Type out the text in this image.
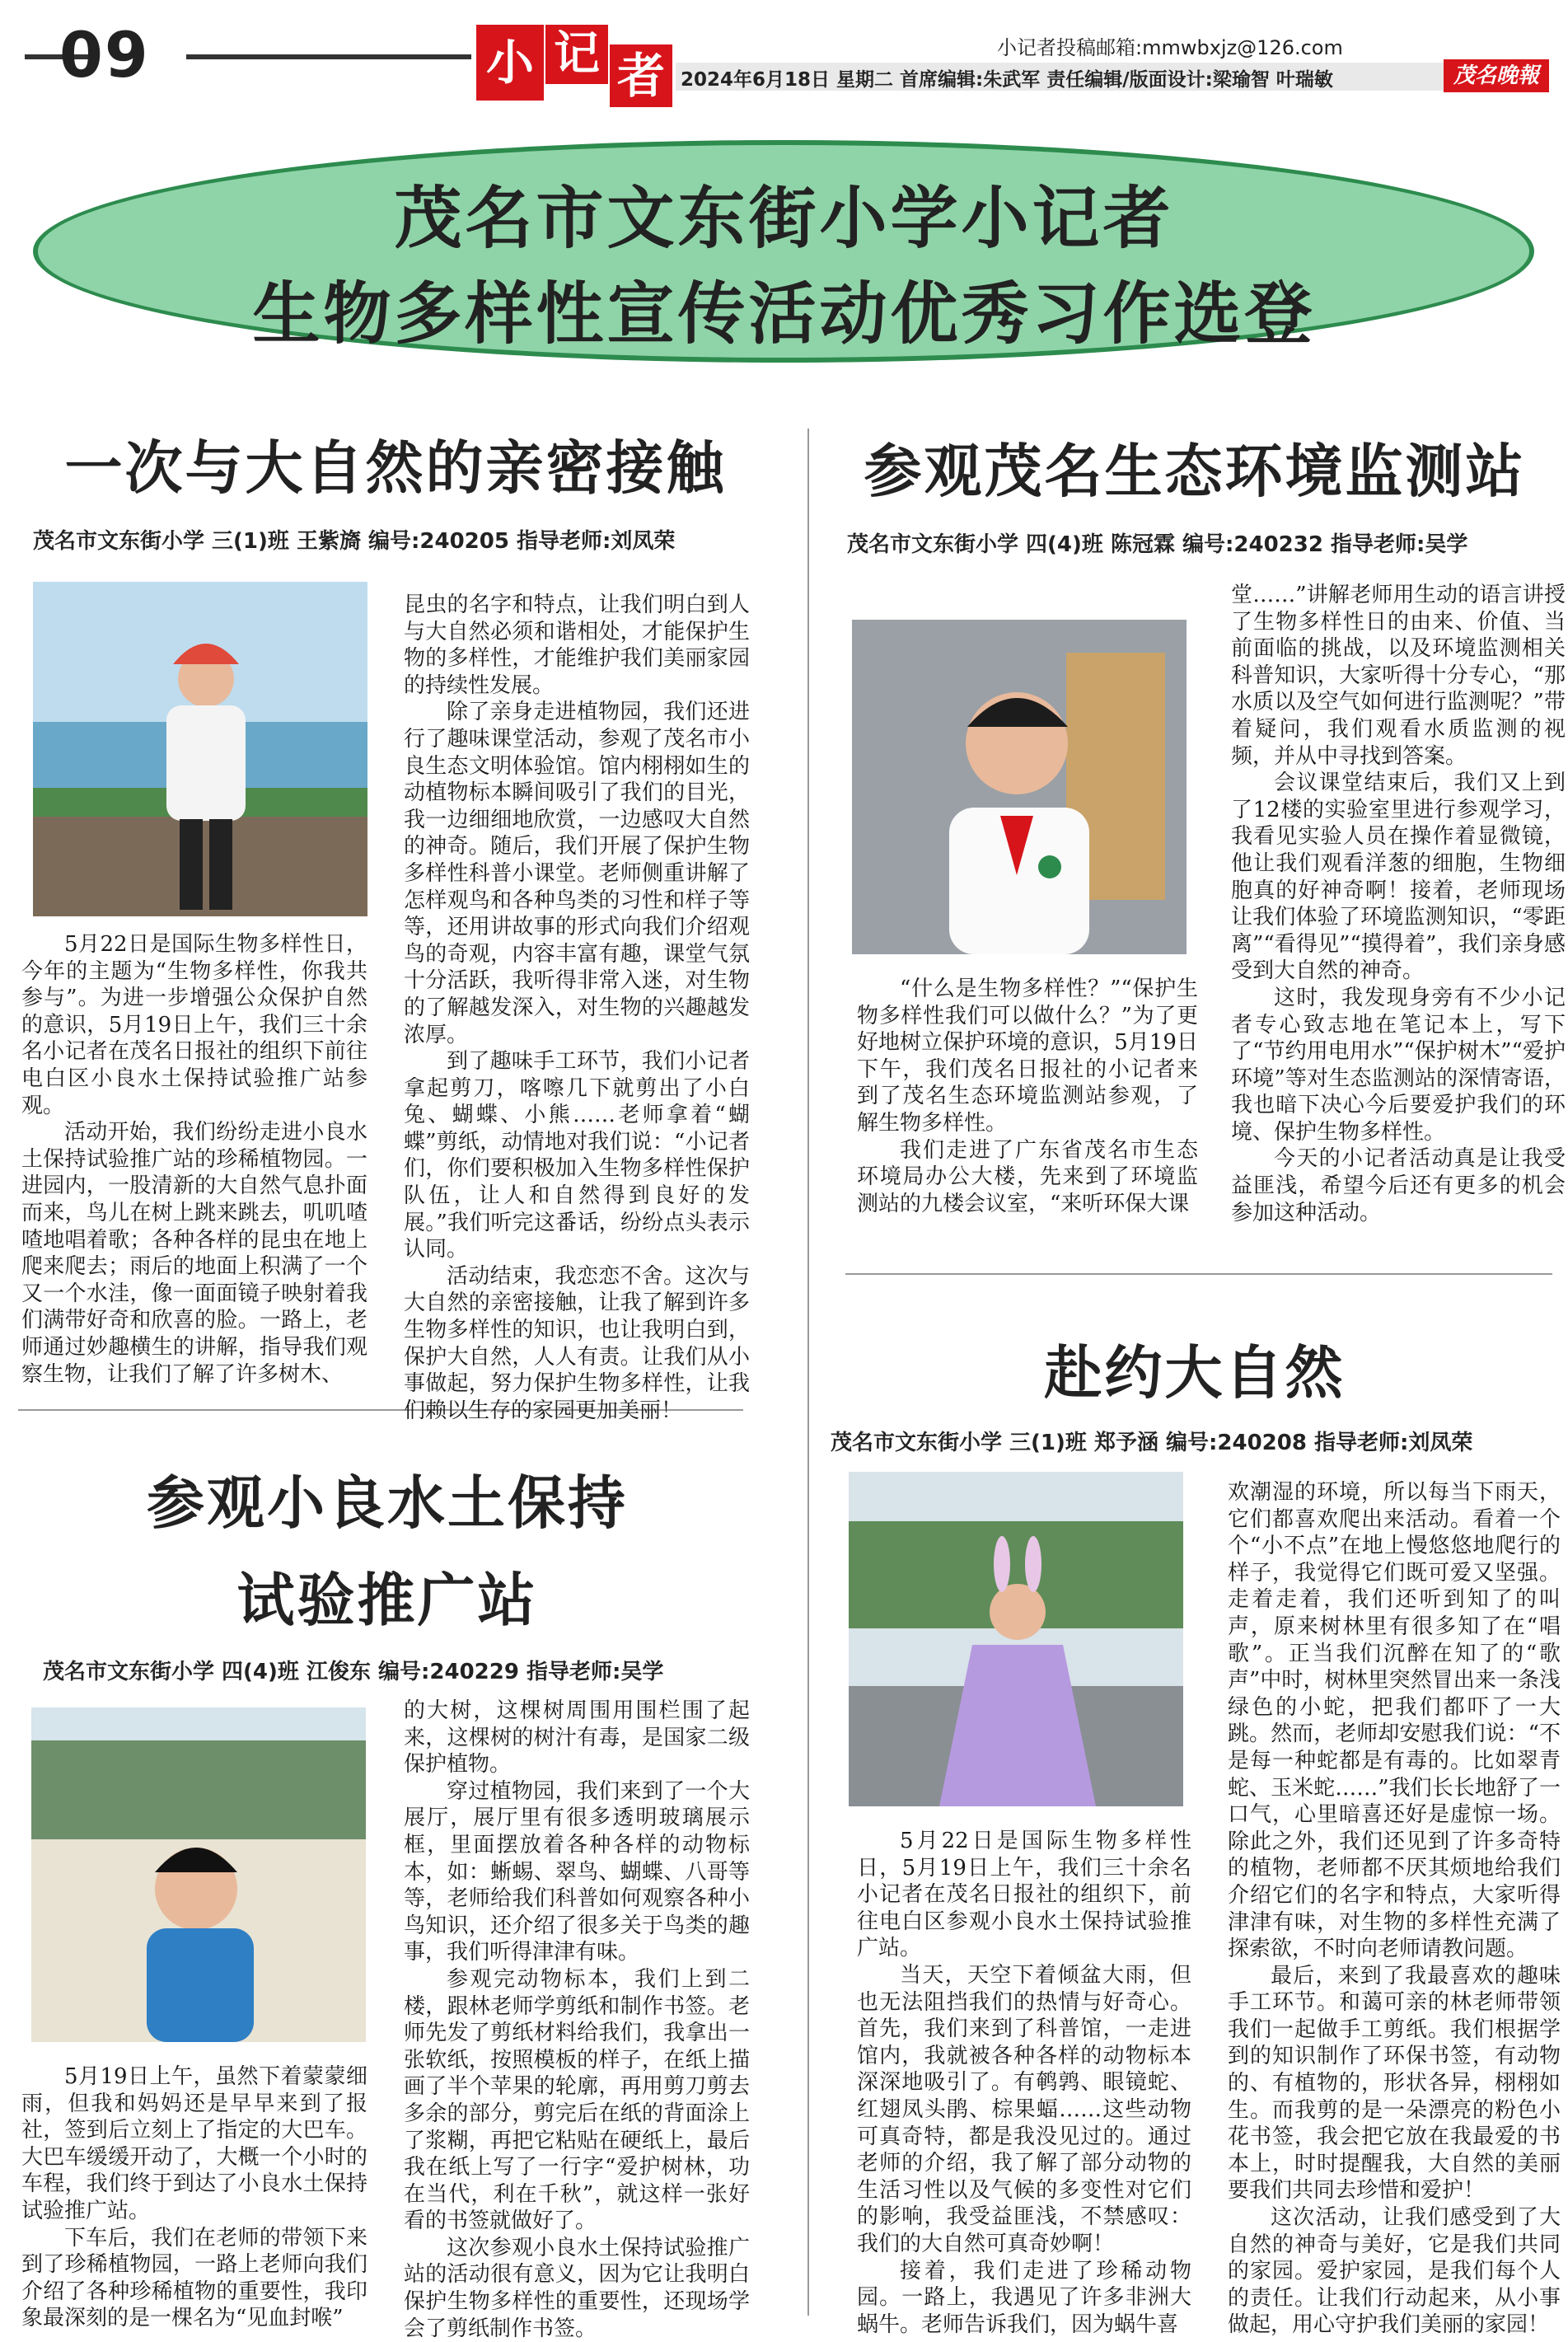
09	小 记 者	小记者投稿邮箱:mmwbxjz@126.com
2024年6月18日 星期二 首席编辑:朱武军 责任编辑/版面设计:梁瑜智 叶瑞敏	茂名晚報
茂名市文东街小学小记者
生物多样性宣传活动优秀习作选登
一次与大自然的亲密接触
茂名市文东街小学 三(1)班 王紫旖 编号:240205 指导老师:刘凤荣

5月22日是国际生物多样性日，今年的主题为“生物多样性，你我共参与”。为进一步增强公众保护自然的意识，5月19日上午，我们三十余名小记者在茂名日报社的组织下前往电白区小良水土保持试验推广站参观。

活动开始，我们纷纷走进小良水土保持试验推广站的珍稀植物园。一进园内，一股清新的大自然气息扑面而来，鸟儿在树上跳来跳去，叽叽喳喳地唱着歌；各种各样的昆虫在地上爬来爬去；雨后的地面上积满了一个又一个水洼，像一面面镜子映射着我们满带好奇和欣喜的脸。一路上，老师通过妙趣横生的讲解，指导我们观察生物，让我们了解了许多树木、

昆虫的名字和特点，让我们明白到人与大自然必须和谐相处，才能保护生物的多样性，才能维护我们美丽家园的持续性发展。

除了亲身走进植物园，我们还进行了趣味课堂活动，参观了茂名市小良生态文明体验馆。馆内栩栩如生的动植物标本瞬间吸引了我们的目光，我一边细细地欣赏，一边感叹大自然的神奇。随后，我们开展了保护生物多样性科普小课堂。老师侧重讲解了怎样观鸟和各种鸟类的习性和样子等等，还用讲故事的形式向我们介绍观鸟的奇观，内容丰富有趣，课堂气氛十分活跃，我听得非常入迷，对生物的了解越发深入，对生物的兴趣越发浓厚。

到了趣味手工环节，我们小记者拿起剪刀，喀嚓几下就剪出了小白兔、蝴蝶、小熊……老师拿着“蝴蝶”剪纸，动情地对我们说：“小记者们，你们要积极加入生物多样性保护队伍，让人和自然得到良好的发展。”我们听完这番话，纷纷点头表示认同。

活动结束，我恋恋不舍。这次与大自然的亲密接触，让我了解到许多生物多样性的知识，也让我明白到，保护大自然，人人有责。让我们从小事做起，努力保护生物多样性，让我们赖以生存的家园更加美丽！

参观茂名生态环境监测站
茂名市文东街小学 四(4)班 陈冠霖 编号:240232 指导老师:吴学

“什么是生物多样性？”“保护生物多样性我们可以做什么？”为了更好地树立保护环境的意识，5月19日下午，我们茂名日报社的小记者来到了茂名生态环境监测站参观，了解生物多样性。

我们走进了广东省茂名市生态环境局办公大楼，先来到了环境监测站的九楼会议室，“来听环保大课

堂……”讲解老师用生动的语言讲授了生物多样性日的由来、价值、当前面临的挑战，以及环境监测相关科普知识，大家听得十分专心，“那水质以及空气如何进行监测呢？”带着疑问，我们观看水质监测的视频，并从中寻找到答案。

会议课堂结束后，我们又上到了12楼的实验室里进行参观学习，我看见实验人员在操作着显微镜，他让我们观看洋葱的细胞，生物细胞真的好神奇啊！接着，老师现场让我们体验了环境监测知识，“零距离”“看得见”“摸得着”，我们亲身感受到大自然的神奇。

这时，我发现身旁有不少小记者专心致志地在笔记本上，写下了“节约用电用水”“保护树木”“爱护环境”等对生态监测站的深情寄语，我也暗下决心今后要爱护我们的环境、保护生物多样性。

今天的小记者活动真是让我受益匪浅，希望今后还有更多的机会参加这种活动。

参观小良水土保持
试验推广站
茂名市文东街小学 四(4)班 江俊东 编号:240229 指导老师:吴学

5月19日上午，虽然下着蒙蒙细雨，但我和妈妈还是早早来到了报社，签到后立刻上了指定的大巴车。大巴车缓缓开动了，大概一个小时的车程，我们终于到达了小良水土保持试验推广站。

下车后，我们在老师的带领下来到了珍稀植物园，一路上老师向我们介绍了各种珍稀植物的重要性，我印象最深刻的是一棵名为“见血封喉”

的大树，这棵树周围用围栏围了起来，这棵树的树汁有毒，是国家二级保护植物。

穿过植物园，我们来到了一个大展厅，展厅里有很多透明玻璃展示框，里面摆放着各种各样的动物标本，如：蜥蜴、翠鸟、蝴蝶、八哥等等，老师给我们科普如何观察各种小鸟知识，还介绍了很多关于鸟类的趣事，我们听得津津有味。

参观完动物标本，我们上到二楼，跟林老师学剪纸和制作书签。老师先发了剪纸材料给我们，我拿出一张软纸，按照模板的样子，在纸上描画了半个苹果的轮廓，再用剪刀剪去多余的部分，剪完后在纸的背面涂上了浆糊，再把它粘贴在硬纸上，最后我在纸上写了一行字“爱护树林，功在当代，利在千秋”，就这样一张好看的书签就做好了。

这次参观小良水土保持试验推广站的活动很有意义，因为它让我明白保护生物多样性的重要性，还现场学会了剪纸制作书签。

赴约大自然
茂名市文东街小学 三(1)班 郑予涵 编号:240208 指导老师:刘凤荣

5月22日是国际生物多样性日，5月19日上午，我们三十余名小记者在茂名日报社的组织下，前往电白区参观小良水土保持试验推广站。

当天，天空下着倾盆大雨，但也无法阻挡我们的热情与好奇心。首先，我们来到了科普馆，一走进馆内，我就被各种各样的动物标本深深地吸引了。有鹌鹑、眼镜蛇、红翅凤头鹃、棕果蝠……这些动物可真奇特，都是我没见过的。通过老师的介绍，我了解了部分动物的生活习性以及气候的多变性对它们的影响，我受益匪浅，不禁感叹：我们的大自然可真奇妙啊！

接着，我们走进了珍稀动物园。一路上，我遇见了许多非洲大蜗牛。老师告诉我们，因为蜗牛喜

欢潮湿的环境，所以每当下雨天，它们都喜欢爬出来活动。看着一个个“小不点”在地上慢悠悠地爬行的样子，我觉得它们既可爱又坚强。走着走着，我们还听到知了的叫声，原来树林里有很多知了在“唱歌”。正当我们沉醉在知了的“歌声”中时，树林里突然冒出来一条浅绿色的小蛇，把我们都吓了一大跳。然而，老师却安慰我们说：“不是每一种蛇都是有毒的。比如翠青蛇、玉米蛇……”我们长长地舒了一口气，心里暗喜还好是虚惊一场。除此之外，我们还见到了许多奇特的植物，老师都不厌其烦地给我们介绍它们的名字和特点，大家听得津津有味，对生物的多样性充满了探索欲，不时向老师请教问题。

最后，来到了我最喜欢的趣味手工环节。和蔼可亲的林老师带领我们一起做手工剪纸。我们根据学到的知识制作了环保书签，有动物的、有植物的，形状各异，栩栩如生。而我剪的是一朵漂亮的粉色小花书签，我会把它放在我最爱的书本上，时时提醒我，大自然的美丽要我们共同去珍惜和爱护！

这次活动，让我们感受到了大自然的神奇与美好，它是我们共同的家园。爱护家园，是我们每个人的责任。让我们行动起来，从小事做起，用心守护我们美丽的家园！
